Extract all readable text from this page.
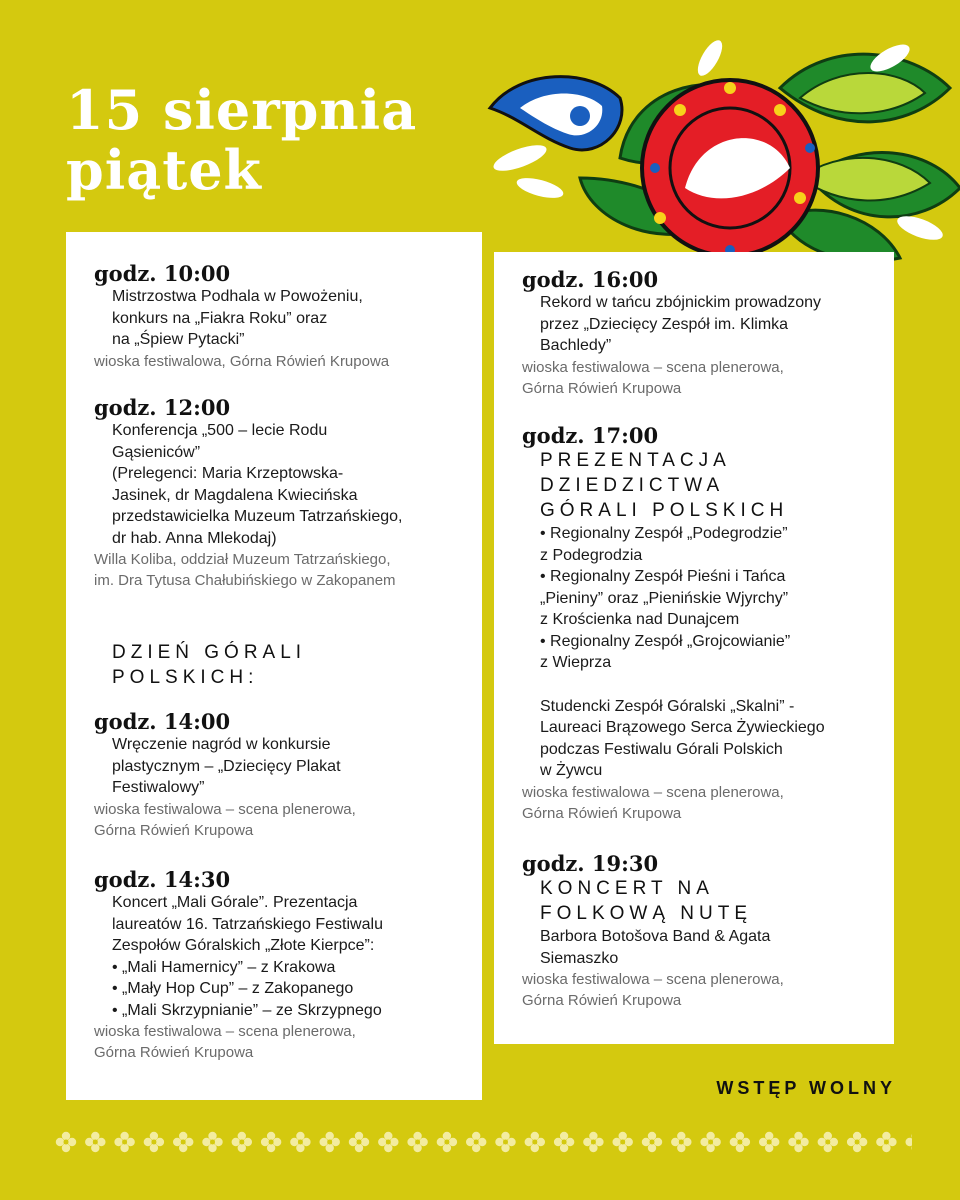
15 sierpnia
piątek
godz. 10:00
Mistrzostwa Podhala w Powożeniu,
konkurs na „Fiakra Roku” oraz
na „Śpiew Pytacki”
wioska festiwalowa, Górna Rówień Krupowa
godz. 12:00
Konferencja „500 – lecie Rodu
Gąsieniców”
(Prelegenci: Maria Krzeptowska-
Jasinek, dr Magdalena Kwiecińska
przedstawicielka Muzeum Tatrzańskiego,
dr hab. Anna Mlekodaj)
Willa Koliba, oddział Muzeum Tatrzańskiego,
im. Dra Tytusa Chałubińskiego w Zakopanem
godz. 14:00
Wręczenie nagród w konkursie
plastycznym – „Dziecięcy Plakat
Festiwalowy”
wioska festiwalowa – scena plenerowa,
Górna Rówień Krupowa
godz. 14:30
Koncert „Mali Górale”. Prezentacja
laureatów 16. Tatrzańskiego Festiwalu
Zespołów Góralskich „Złote Kierpce”:
• „Mali Hamernicy” – z Krakowa
• „Mały Hop Cup” – z Zakopanego
• „Mali Skrzypnianie” – ze Skrzypnego
wioska festiwalowa – scena plenerowa,
Górna Rówień Krupowa
DZIEŃ GÓRALI
POLSKICH:
godz. 16:00
Rekord w tańcu zbójnickim prowadzony
przez „Dziecięcy Zespół im. Klimka
Bachledy”
wioska festiwalowa – scena plenerowa,
Górna Rówień Krupowa
godz. 17:00
PREZENTACJA
DZIEDZICTWA
GÓRALI POLSKICH
• Regionalny Zespół „Podegrodzie”
z Podegrodzia
• Regionalny Zespół Pieśni i Tańca
„Pieniny” oraz „Pienińskie Wjyrchy”
z Krościenka nad Dunajcem
• Regionalny Zespół „Grojcowianie”
z Wieprza
Studencki Zespół Góralski „Skalni” -
Laureaci Brązowego Serca Żywieckiego
podczas Festiwalu Górali Polskich
w Żywcu
wioska festiwalowa – scena plenerowa,
Górna Rówień Krupowa
godz. 19:30
KONCERT NA
FOLKOWĄ NUTĘ
Barbora Botošova Band & Agata
Siemaszko
wioska festiwalowa – scena plenerowa,
Górna Rówień Krupowa
WSTĘP WOLNY
